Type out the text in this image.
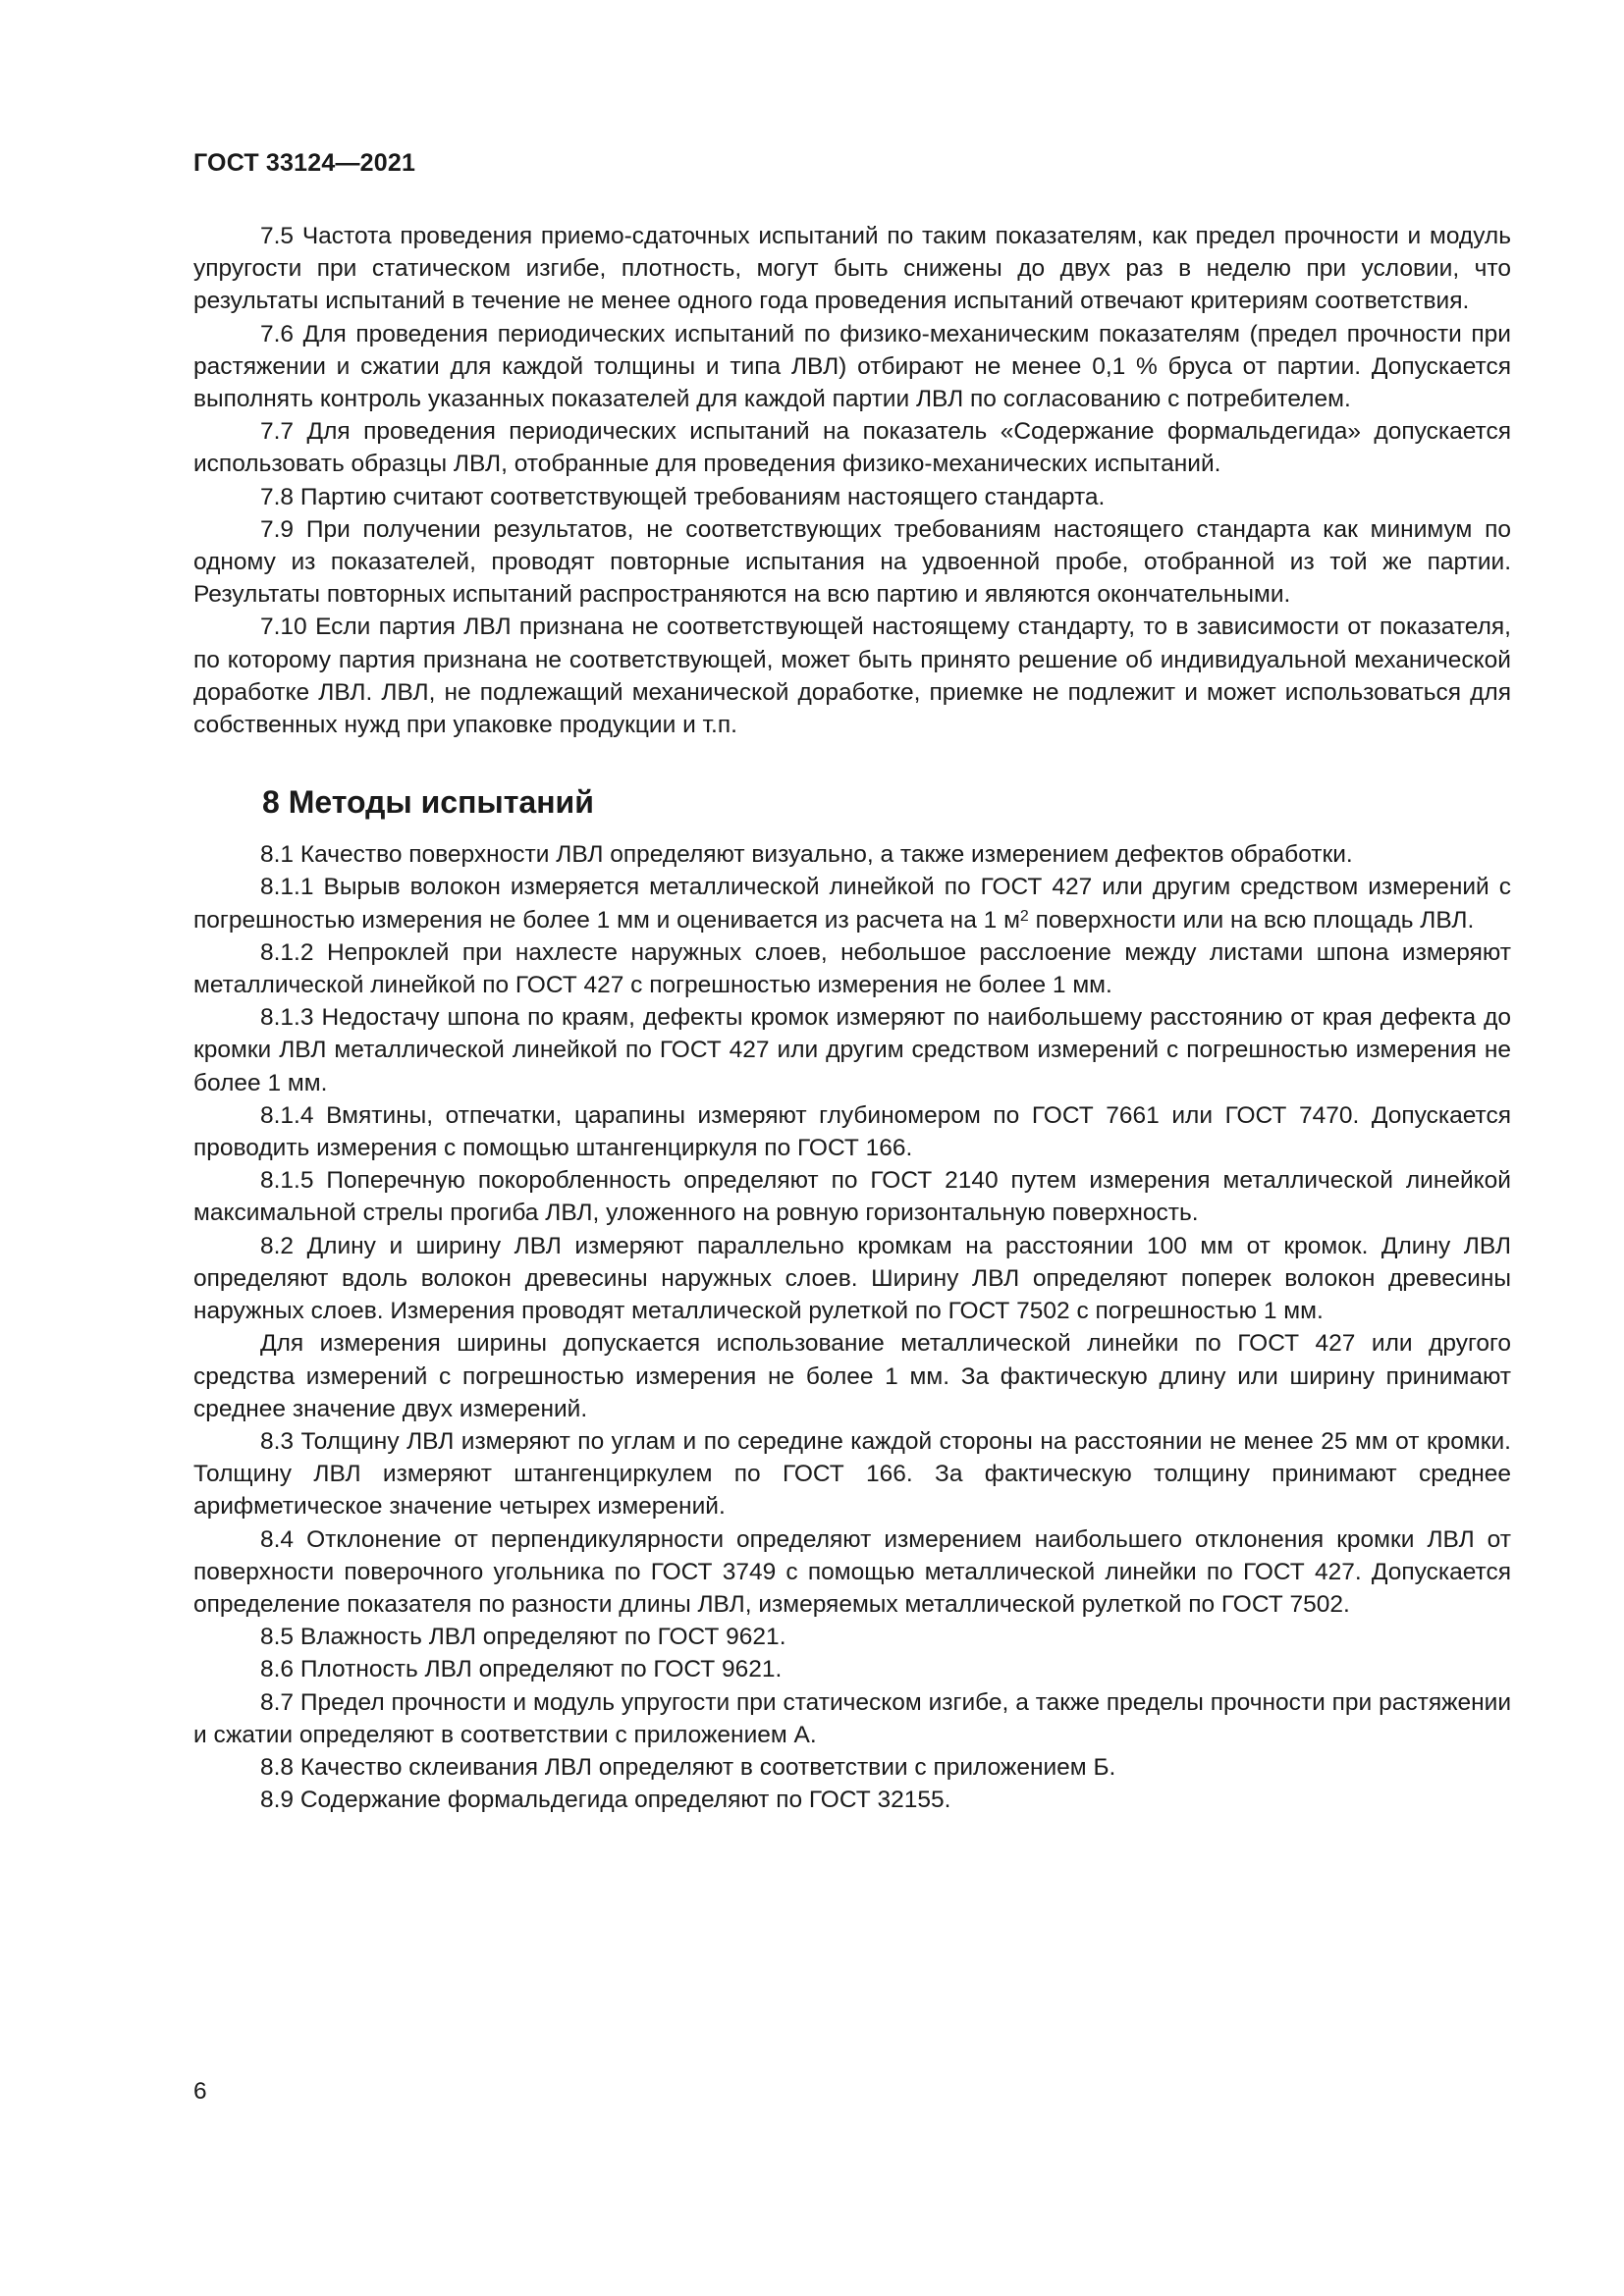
ГОСТ 33124—2021

7.5 Частота проведения приемо-сдаточных испытаний по таким показателям, как предел прочности и модуль упругости при статическом изгибе, плотность, могут быть снижены до двух раз в неделю при условии, что результаты испытаний в течение не менее одного года проведения испытаний отвечают критериям соответствия.

7.6 Для проведения периодических испытаний по физико-механическим показателям (предел прочности при растяжении и сжатии для каждой толщины и типа ЛВЛ) отбирают не менее 0,1 % бруса от партии. Допускается выполнять контроль указанных показателей для каждой партии ЛВЛ по согласованию с потребителем.

7.7 Для проведения периодических испытаний на показатель «Содержание формальдегида» допускается использовать образцы ЛВЛ, отобранные для проведения физико-механических испытаний.

7.8 Партию считают соответствующей требованиям настоящего стандарта.

7.9 При получении результатов, не соответствующих требованиям настоящего стандарта как минимум по одному из показателей, проводят повторные испытания на удвоенной пробе, отобранной из той же партии. Результаты повторных испытаний распространяются на всю партию и являются окончательными.

7.10 Если партия ЛВЛ признана не соответствующей настоящему стандарту, то в зависимости от показателя, по которому партия признана не соответствующей, может быть принято решение об индивидуальной механической доработке ЛВЛ. ЛВЛ, не подлежащий механической доработке, приемке не подлежит и может использоваться для собственных нужд при упаковке продукции и т.п.

8 Методы испытаний

8.1 Качество поверхности ЛВЛ определяют визуально, а также измерением дефектов обработки.

8.1.1 Вырыв волокон измеряется металлической линейкой по ГОСТ 427 или другим средством измерений с погрешностью измерения не более 1 мм и оценивается из расчета на 1 $м^2$ поверхности или на всю площадь ЛВЛ.

8.1.2 Непроклей при нахлесте наружных слоев, небольшое расслоение между листами шпона измеряют металлической линейкой по ГОСТ 427 с погрешностью измерения не более 1 мм.

8.1.3 Недостачу шпона по краям, дефекты кромок измеряют по наибольшему расстоянию от края дефекта до кромки ЛВЛ металлической линейкой по ГОСТ 427 или другим средством измерений с погрешностью измерения не более 1 мм.

8.1.4 Вмятины, отпечатки, царапины измеряют глубиномером по ГОСТ 7661 или ГОСТ 7470. Допускается проводить измерения с помощью штангенциркуля по ГОСТ 166.

8.1.5 Поперечную покоробленность определяют по ГОСТ 2140 путем измерения металлической линейкой максимальной стрелы прогиба ЛВЛ, уложенного на ровную горизонтальную поверхность.

8.2 Длину и ширину ЛВЛ измеряют параллельно кромкам на расстоянии 100 мм от кромок. Длину ЛВЛ определяют вдоль волокон древесины наружных слоев. Ширину ЛВЛ определяют поперек волокон древесины наружных слоев. Измерения проводят металлической рулеткой по ГОСТ 7502 с погрешностью 1 мм.

Для измерения ширины допускается использование металлической линейки по ГОСТ 427 или другого средства измерений с погрешностью измерения не более 1 мм. За фактическую длину или ширину принимают среднее значение двух измерений.

8.3 Толщину ЛВЛ измеряют по углам и по середине каждой стороны на расстоянии не менее 25 мм от кромки. Толщину ЛВЛ измеряют штангенциркулем по ГОСТ 166. За фактическую толщину принимают среднее арифметическое значение четырех измерений.

8.4 Отклонение от перпендикулярности определяют измерением наибольшего отклонения кромки ЛВЛ от поверхности поверочного угольника по ГОСТ 3749 с помощью металлической линейки по ГОСТ 427. Допускается определение показателя по разности длины ЛВЛ, измеряемых металлической рулеткой по ГОСТ 7502.

8.5 Влажность ЛВЛ определяют по ГОСТ 9621.

8.6 Плотность ЛВЛ определяют по ГОСТ 9621.

8.7 Предел прочности и модуль упругости при статическом изгибе, а также пределы прочности при растяжении и сжатии определяют в соответствии с приложением А.

8.8 Качество склеивания ЛВЛ определяют в соответствии с приложением Б.

8.9 Содержание формальдегида определяют по ГОСТ 32155.

6
